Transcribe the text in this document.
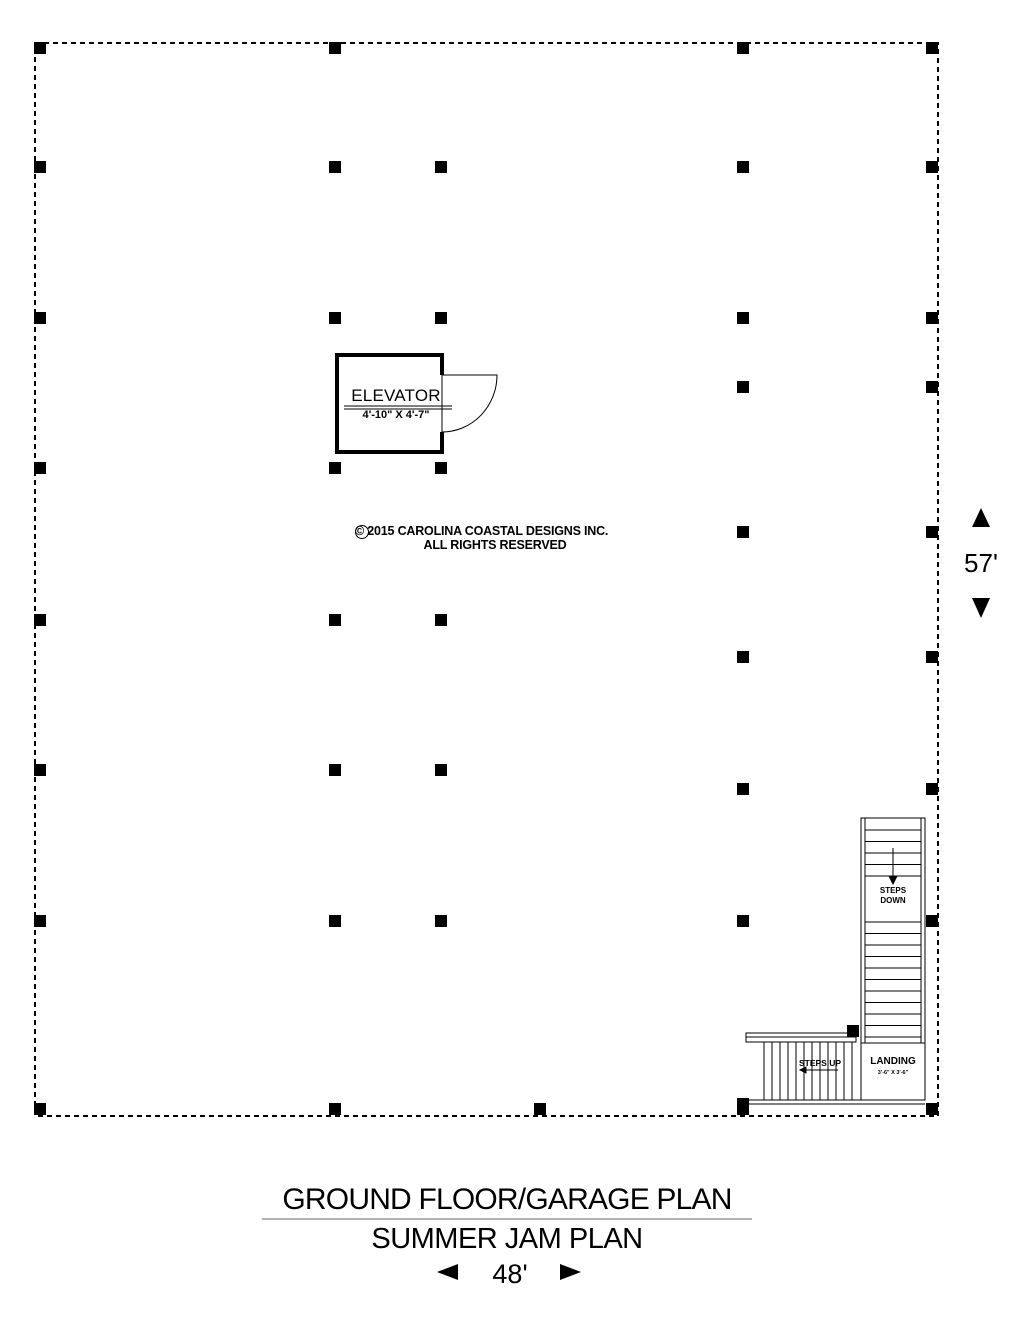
ELEVATOR
4'-10" X 4'-7"
© 2015 CAROLINA COASTAL DESIGNS INC.
ALL RIGHTS RESERVED
STEPS
DOWN
STEPS UP	LANDING
3'-6" X 3'-6"
GROUND FLOOR/GARAGE PLAN
SUMMER JAM PLAN
48'
57'
